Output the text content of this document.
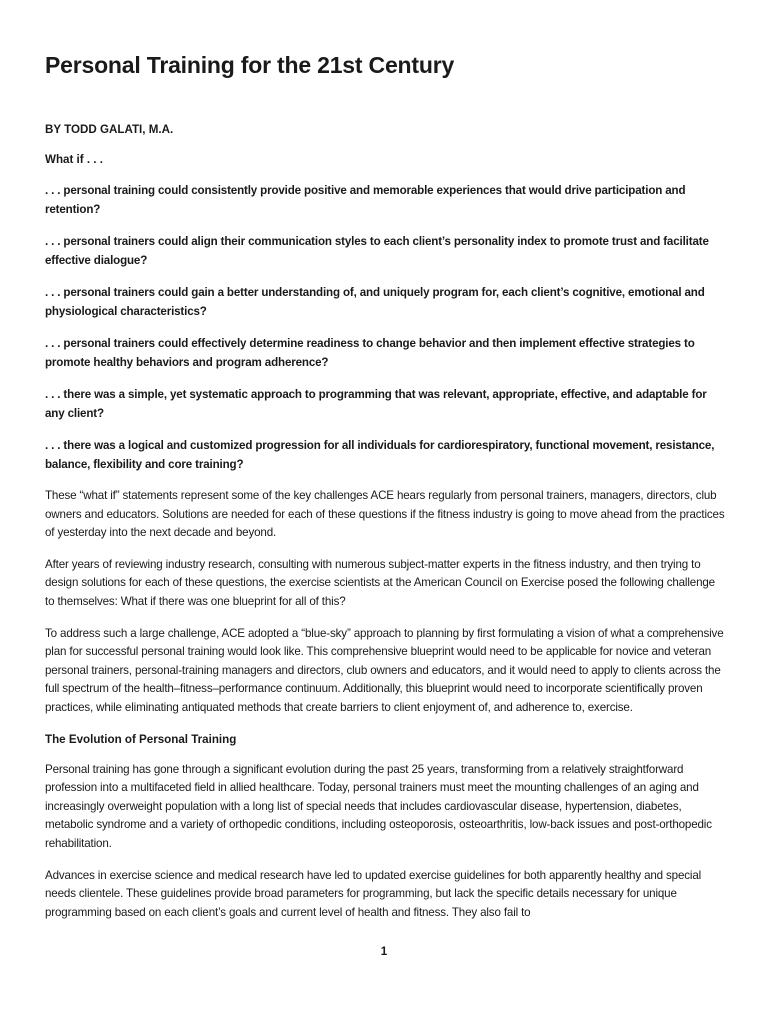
Personal Training for the 21st Century

BY TODD GALATI, M.A.

What if . . .

. . . personal training could consistently provide positive and memorable experiences that would drive participation and retention?
. . . personal trainers could align their communication styles to each client’s personality index to promote trust and facilitate effective dialogue?
. . . personal trainers could gain a better understanding of, and uniquely program for, each client’s cognitive, emotional and physiological characteristics?
. . . personal trainers could effectively determine readiness to change behavior and then implement effective strategies to promote healthy behaviors and program adherence?
. . . there was a simple, yet systematic approach to programming that was relevant, appropriate, effective, and adaptable for any client?
. . . there was a logical and customized progression for all individuals for cardiorespiratory, functional movement, resistance, balance, flexibility and core training?

These “what if” statements represent some of the key challenges ACE hears regularly from personal trainers, managers, directors, club owners and educators. Solutions are needed for each of these questions if the fitness industry is going to move ahead from the practices of yesterday into the next decade and beyond.

After years of reviewing industry research, consulting with numerous subject-matter experts in the fitness industry, and then trying to design solutions for each of these questions, the exercise scientists at the American Council on Exercise posed the following challenge to themselves: What if there was one blueprint for all of this?

To address such a large challenge, ACE adopted a “blue-sky” approach to planning by first formulating a vision of what a comprehensive plan for successful personal training would look like. This comprehensive blueprint would need to be applicable for novice and veteran personal trainers, personal-training managers and directors, club owners and educators, and it would need to apply to clients across the full spectrum of the health–fitness–performance continuum. Additionally, this blueprint would need to incorporate scientifically proven practices, while eliminating antiquated methods that create barriers to client enjoyment of, and adherence to, exercise.

The Evolution of Personal Training

Personal training has gone through a significant evolution during the past 25 years, transforming from a relatively straightforward profession into a multifaceted field in allied healthcare. Today, personal trainers must meet the mounting challenges of an aging and increasingly overweight population with a long list of special needs that includes cardiovascular disease, hypertension, diabetes, metabolic syndrome and a variety of orthopedic conditions, including osteoporosis, osteoarthritis, low-back issues and post-orthopedic rehabilitation.

Advances in exercise science and medical research have led to updated exercise guidelines for both apparently healthy and special needs clientele. These guidelines provide broad parameters for programming, but lack the specific details necessary for unique programming based on each client’s goals and current level of health and fitness. They also fail to

1
